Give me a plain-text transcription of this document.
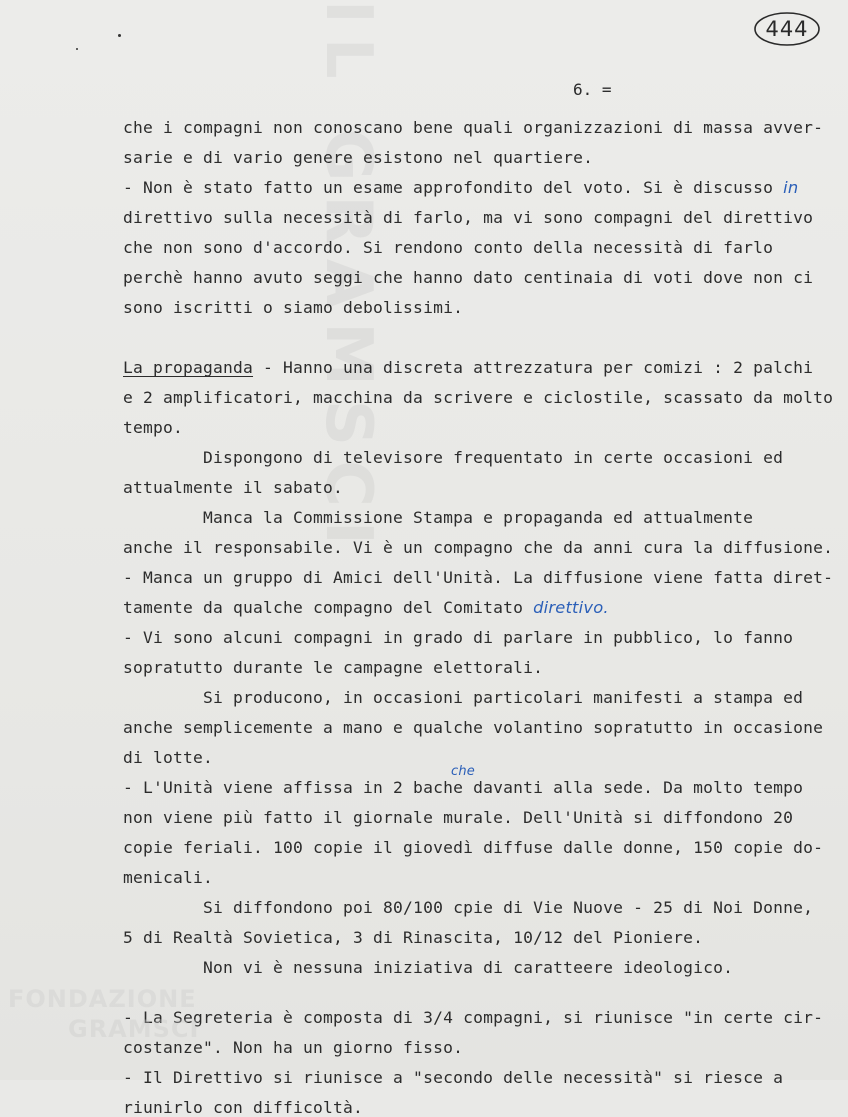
IL GRAMSCI	444
6. =
che i compagni non conoscano bene quali organizzazioni di massa avver-
sarie e di vario genere esistono nel quartiere.
- Non è stato fatto un esame approfondito del voto. Si è discusso in
direttivo sulla necessità di farlo, ma vi sono compagni del direttivo
che non sono d'accordo. Si rendono conto della necessità di farlo
perchè hanno avuto seggi che hanno dato centinaia di voti dove non ci
sono iscritti o siamo debolissimi.
La propaganda - Hanno una discreta attrezzatura per comizi : 2 palchi
e 2 amplificatori, macchina da scrivere e ciclostile, scassato da molto
tempo.
Dispongono di televisore frequentato in certe occasioni ed
attualmente il sabato.
Manca la Commissione Stampa e propaganda ed attualmente
anche il responsabile. Vi è un compagno che da anni cura la diffusione.
- Manca un gruppo di Amici dell'Unità. La diffusione viene fatta diret-
tamente da qualche compagno del Comitato direttivo.
- Vi sono alcuni compagni in grado di parlare in pubblico, lo fanno
sopratutto durante le campagne elettorali.
Si producono, in occasioni particolari manifesti a stampa ed
anche semplicemente a mano e qualche volantino sopratutto in occasione
di lotte.
- L'Unità viene affissa in 2 bache davanti alla sede. Da molto tempo
che
non viene più fatto il giornale murale. Dell'Unità si diffondono 20
copie feriali. 100 copie il giovedì diffuse dalle donne, 150 copie do-
menicali.
Si diffondono poi 80/100 cpie di Vie Nuove - 25 di Noi Donne,
5 di Realtà Sovietica, 3 di Rinascita, 10/12 del Pioniere.
Non vi è nessuna iniziativa di caratteere ideologico.
- La Segreteria è composta di 3/4 compagni, si riunisce "in certe cir-
costanze". Non ha un giorno fisso.
- Il Direttivo si riunisce a "secondo delle necessità" si riesce a
riunirlo con difficoltà.
FONDAZIONE
GRAMSCI
